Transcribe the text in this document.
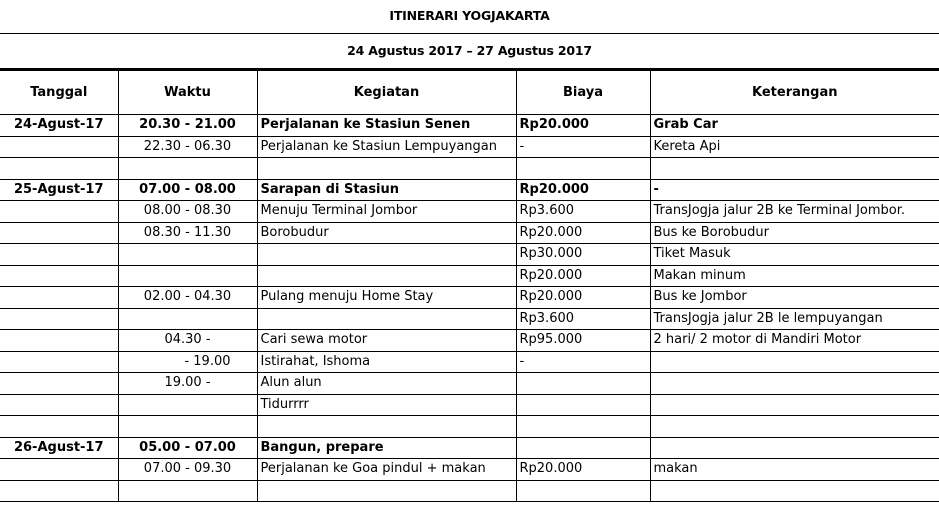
ITINERARI YOGJAKARTA
24 Agustus 2017 – 27 Agustus 2017
Tanggal	Waktu	Kegiatan	Biaya	Keterangan
24-Agust-17	20.30 - 21.00	Perjalanan ke Stasiun Senen	Rp20.000	Grab Car
	22.30 - 06.30	Perjalanan ke Stasiun Lempuyangan	-	Kereta Api

25-Agust-17	07.00 - 08.00	Sarapan di Stasiun	Rp20.000	-
	08.00 - 08.30	Menuju Terminal Jombor	Rp3.600	TransJogja jalur 2B ke Terminal Jombor.
	08.30 - 11.30	Borobudur	Rp20.000	Bus ke Borobudur
			Rp30.000	Tiket Masuk
			Rp20.000	Makan minum
	02.00 - 04.30	Pulang menuju Home Stay	Rp20.000	Bus ke Jombor
			Rp3.600	TransJogja jalur 2B le lempuyangan
	04.30 -	Cari sewa motor	Rp95.000	2 hari/ 2 motor di Mandiri Motor
	- 19.00	Istirahat, Ishoma	-	
	19.00 -	Alun alun		
		Tidurrrr		

26-Agust-17	05.00 - 07.00	Bangun, prepare		
	07.00 - 09.30	Perjalanan ke Goa pindul + makan	Rp20.000	makan
